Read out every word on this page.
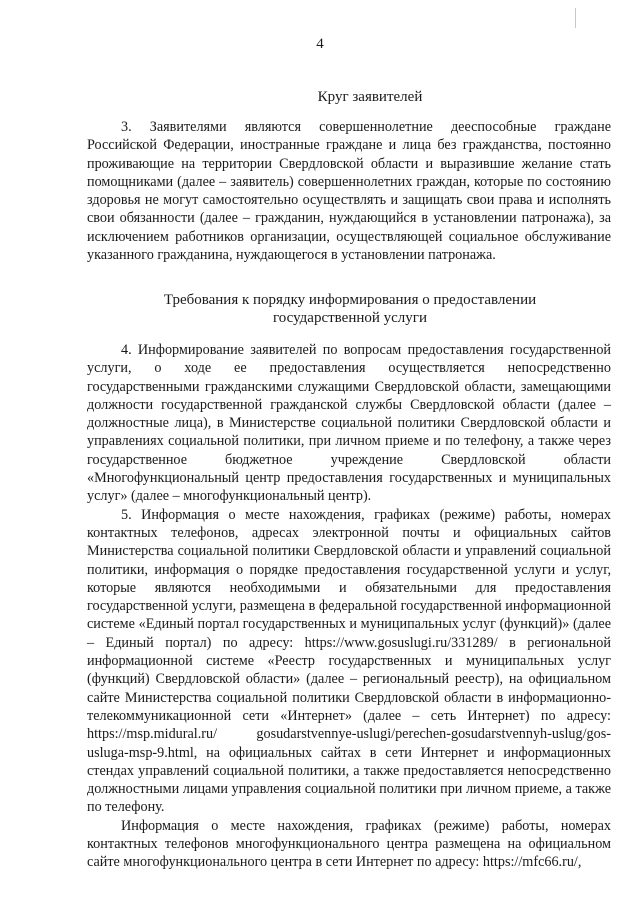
4
Круг заявителей

3. Заявителями являются совершеннолетние дееспособные граждане Российской Федерации, иностранные граждане и лица без гражданства, постоянно проживающие на территории Свердловской области и выразившие желание стать помощниками (далее – заявитель) совершеннолетних граждан, которые по состоянию здоровья не могут самостоятельно осуществлять и защищать свои права и исполнять свои обязанности (далее – гражданин, нуждающийся в установлении патронажа), за исключением работников организации, осуществляющей социальное обслуживание указанного гражданина, нуждающегося в установлении патронажа.

Требования к порядку информирования о предоставлении
государственной услуги

4. Информирование заявителей по вопросам предоставления государственной услуги, о ходе ее предоставления осуществляется непосредственно государственными гражданскими служащими Свердловской области, замещающими должности государственной гражданской службы Свердловской области (далее – должностные лица), в Министерстве социальной политики Свердловской области и управлениях социальной политики, при личном приеме и по телефону, а также через государственное бюджетное учреждение Свердловской области «Многофункциональный центр предоставления государственных и муниципальных услуг» (далее – многофункциональный центр).

5. Информация о месте нахождения, графиках (режиме) работы, номерах контактных телефонов, адресах электронной почты и официальных сайтов Министерства социальной политики Свердловской области и управлений социальной политики, информация о порядке предоставления государственной услуги и услуг, которые являются необходимыми и обязательными для предоставления государственной услуги, размещена в федеральной государственной информационной системе «Единый портал государственных и муниципальных услуг (функций)» (далее – Единый портал) по адресу: https://www.gosuslugi.ru/331289/ в региональной информационной системе «Реестр государственных и муниципальных услуг (функций) Свердловской области» (далее – региональный реестр), на официальном сайте Министерства социальной политики Свердловской области в информационно-телекоммуникационной сети «Интернет» (далее – сеть Интернет) по адресу: https://msp.midural.ru/ gosudarstvennye-uslugi/perechen-gosudarstvennyh-uslug/gos-usluga-msp-9.html, на официальных сайтах в сети Интернет и информационных стендах управлений социальной политики, а также предоставляется непосредственно должностными лицами управления социальной политики при личном приеме, а также по телефону.

Информация о месте нахождения, графиках (режиме) работы, номерах контактных телефонов многофункционального центра размещена на официальном сайте многофункционального центра в сети Интернет по адресу: https://mfc66.ru/,
